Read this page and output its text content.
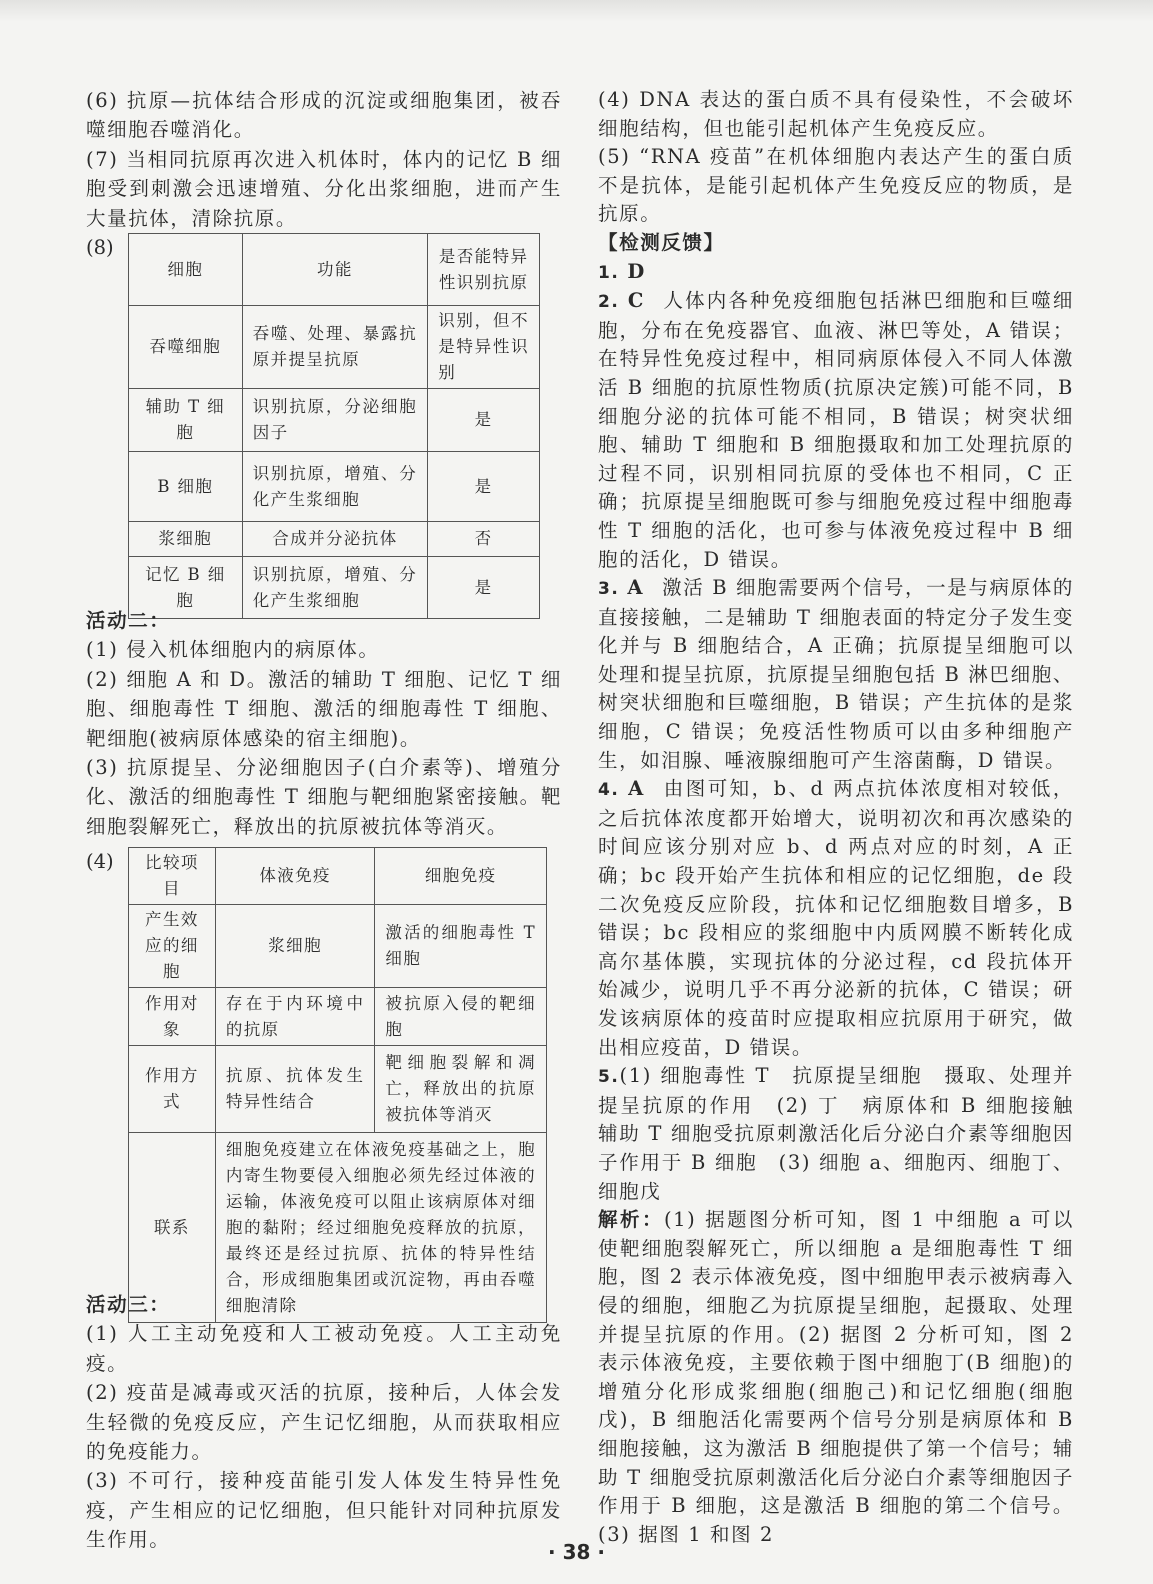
(6) 抗原—抗体结合形成的沉淀或细胞集团，被吞噬细胞吞噬消化。

(7) 当相同抗原再次进入机体时，体内的记忆 B 细胞受到刺激会迅速增殖、分化出浆细胞，进而产生大量抗体，清除抗原。

(8)
细胞	功能	是否能特异性识别抗原
吞噬细胞	吞噬、处理、暴露抗原并提呈抗原	识别，但不是特异性识别
辅助 T 细胞	识别抗原，分泌细胞因子	是
B 细胞	识别抗原，增殖、分化产生浆细胞	是
浆细胞	合成并分泌抗体	否
记忆 B 细胞	识别抗原，增殖、分化产生浆细胞	是

活动二：

(1) 侵入机体细胞内的病原体。

(2) 细胞 A 和 D。激活的辅助 T 细胞、记忆 T 细胞、细胞毒性 T 细胞、激活的细胞毒性 T 细胞、靶细胞(被病原体感染的宿主细胞)。

(3) 抗原提呈、分泌细胞因子(白介素等)、增殖分化、激活的细胞毒性 T 细胞与靶细胞紧密接触。靶细胞裂解死亡，释放出的抗原被抗体等消灭。

(4) 比较项目	体液免疫	细胞免疫
产生效应的细胞	浆细胞	激活的细胞毒性 T 细胞
作用对象	存在于内环境中的抗原	被抗原入侵的靶细胞
作用方式	抗原、抗体发生特异性结合	靶细胞裂解和凋亡，释放出的抗原被抗体等消灭
联系	细胞免疫建立在体液免疫基础之上，胞内寄生物要侵入细胞必须先经过体液的运输，体液免疫可以阻止该病原体对细胞的黏附；经过细胞免疫释放的抗原，最终还是经过抗原、抗体的特异性结合，形成细胞集团或沉淀物，再由吞噬细胞清除	

活动三：

(1) 人工主动免疫和人工被动免疫。人工主动免疫。

(2) 疫苗是减毒或灭活的抗原，接种后，人体会发生轻微的免疫反应，产生记忆细胞，从而获取相应的免疫能力。

(3) 不可行，接种疫苗能引发人体发生特异性免疫，产生相应的记忆细胞，但只能针对同种抗原发生作用。

(4) DNA 表达的蛋白质不具有侵染性，不会破坏细胞结构，但也能引起机体产生免疫反应。

(5) “RNA 疫苗”在机体细胞内表达产生的蛋白质不是抗体，是能引起机体产生免疫反应的物质，是抗原。

【检测反馈】

1. D

2. C 人体内各种免疫细胞包括淋巴细胞和巨噬细胞，分布在免疫器官、血液、淋巴等处，A 错误；在特异性免疫过程中，相同病原体侵入不同人体激活 B 细胞的抗原性物质(抗原决定簇)可能不同，B 细胞分泌的抗体可能不相同，B 错误；树突状细胞、辅助 T 细胞和 B 细胞摄取和加工处理抗原的过程不同，识别相同抗原的受体也不相同，C 正确；抗原提呈细胞既可参与细胞免疫过程中细胞毒性 T 细胞的活化，也可参与体液免疫过程中 B 细胞的活化，D 错误。

3. A 激活 B 细胞需要两个信号，一是与病原体的直接接触，二是辅助 T 细胞表面的特定分子发生变化并与 B 细胞结合，A 正确；抗原提呈细胞可以处理和提呈抗原，抗原提呈细胞包括 B 淋巴细胞、树突状细胞和巨噬细胞，B 错误；产生抗体的是浆细胞，C 错误；免疫活性物质可以由多种细胞产生，如泪腺、唾液腺细胞可产生溶菌酶，D 错误。

4. A 由图可知，b、d 两点抗体浓度相对较低，之后抗体浓度都开始增大，说明初次和再次感染的时间应该分别对应 b、d 两点对应的时刻，A 正确；bc 段开始产生抗体和相应的记忆细胞，de 段二次免疫反应阶段，抗体和记忆细胞数目增多，B 错误；bc 段相应的浆细胞中内质网膜不断转化成高尔基体膜，实现抗体的分泌过程，cd 段抗体开始减少，说明几乎不再分泌新的抗体，C 错误；研发该病原体的疫苗时应提取相应抗原用于研究，做出相应疫苗，D 错误。

5.(1) 细胞毒性 T　抗原提呈细胞　摄取、处理并提呈抗原的作用　(2) 丁　病原体和 B 细胞接触　辅助 T 细胞受抗原刺激活化后分泌白介素等细胞因子作用于 B 细胞　(3) 细胞 a、细胞丙、细胞丁、细胞戊

解析：(1) 据题图分析可知，图 1 中细胞 a 可以使靶细胞裂解死亡，所以细胞 a 是细胞毒性 T 细胞，图 2 表示体液免疫，图中细胞甲表示被病毒入侵的细胞，细胞乙为抗原提呈细胞，起摄取、处理并提呈抗原的作用。(2) 据图 2 分析可知，图 2 表示体液免疫，主要依赖于图中细胞丁(B 细胞)的增殖分化形成浆细胞(细胞己)和记忆细胞(细胞戊)，B 细胞活化需要两个信号分别是病原体和 B 细胞接触，这为激活 B 细胞提供了第一个信号；辅助 T 细胞受抗原刺激活化后分泌白介素等细胞因子作用于 B 细胞，这是激活 B 细胞的第二个信号。(3) 据图 1 和图 2

· 38 ·
